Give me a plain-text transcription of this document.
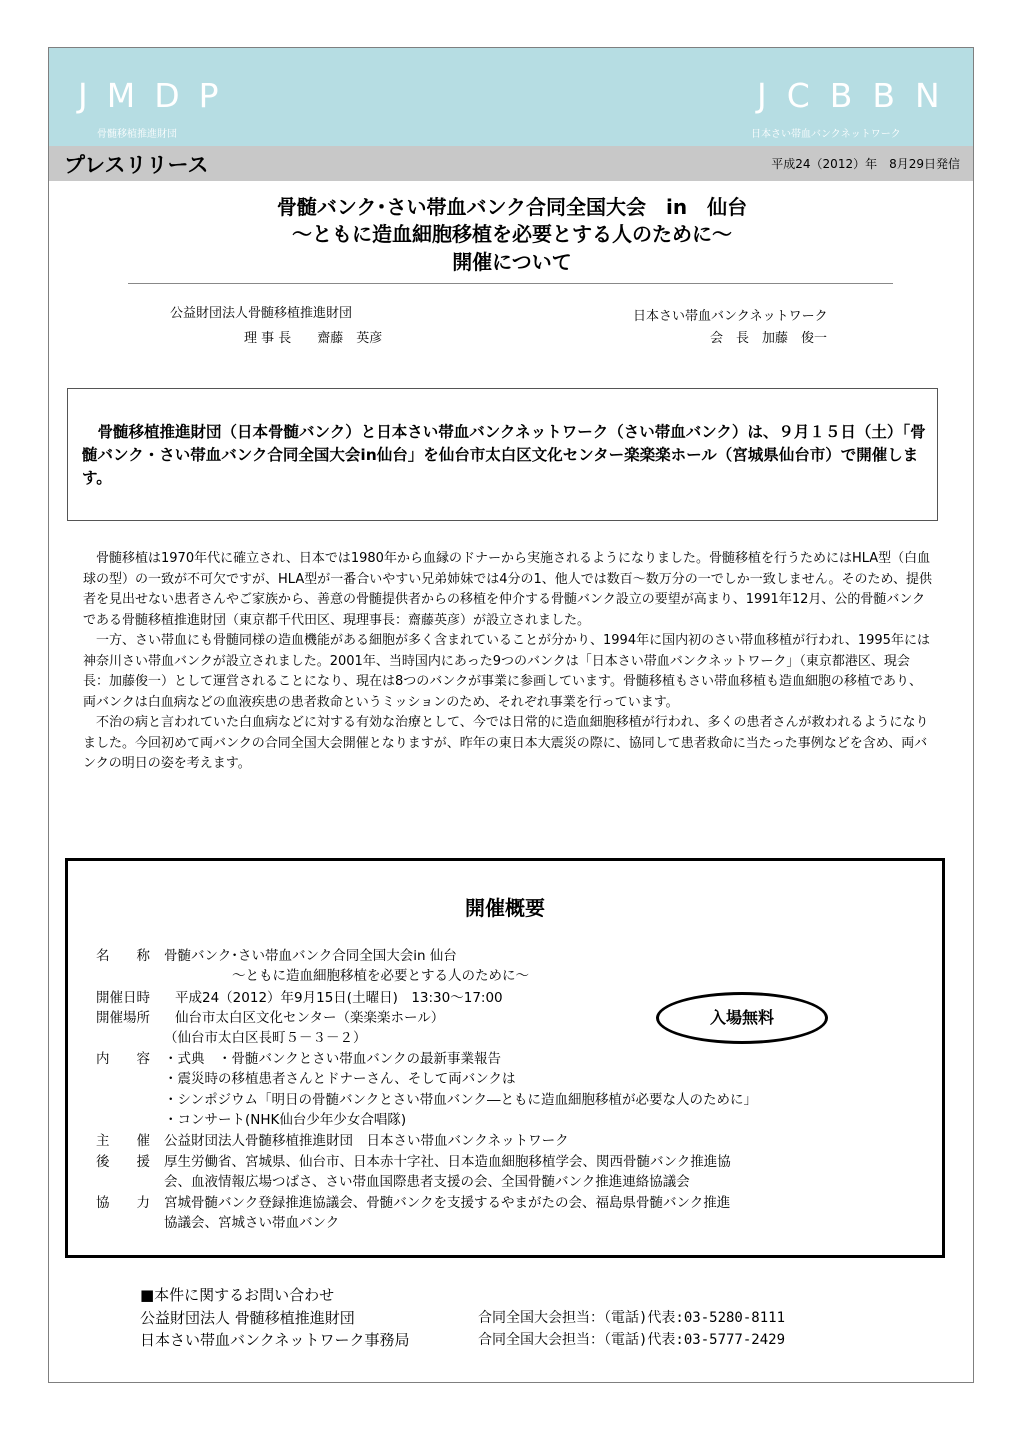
JMDP
骨髄移植推進財団
JCBBN
日本さい帯血バンクネットワーク
プレスリリース	平成24（2012）年　8月29日発信
骨髄バンク･さい帯血バンク合同全国大会　in　仙台
～ともに造血細胞移植を必要とする人のために～
開催について
公益財団法人骨髄移植推進財団
理 事 長　　齋藤　英彦
日本さい帯血バンクネットワーク
会　長　加藤　俊一

骨髄移植推進財団（日本骨髄バンク）と日本さい帯血バンクネットワーク（さい帯血バンク）は、９月１５日（土）「骨髄バンク・さい帯血バンク合同全国大会in仙台」を仙台市太白区文化センター楽楽楽ホール（宮城県仙台市）で開催します。

骨髄移植は1970年代に確立され、日本では1980年から血縁のドナーから実施されるようになりました。骨髄移植を行うためにはHLA型（白血球の型）の一致が不可欠ですが、HLA型が一番合いやすい兄弟姉妹では4分の1、他人では数百～数万分の一でしか一致しません。そのため、提供者を見出せない患者さんやご家族から、善意の骨髄提供者からの移植を仲介する骨髄バンク設立の要望が高まり、1991年12月、公的骨髄バンクである骨髄移植推進財団（東京都千代田区、現理事長：齋藤英彦）が設立されました。

一方、さい帯血にも骨髄同様の造血機能がある細胞が多く含まれていることが分かり、1994年に国内初のさい帯血移植が行われ、1995年には神奈川さい帯血バンクが設立されました。2001年、当時国内にあった9つのバンクは「日本さい帯血バンクネットワーク」（東京都港区、現会長：加藤俊一）として運営されることになり、現在は8つのバンクが事業に参画しています。骨髄移植もさい帯血移植も造血細胞の移植であり、両バンクは白血病などの血液疾患の患者救命というミッションのため、それぞれ事業を行っています。

不治の病と言われていた白血病などに対する有効な治療として、今では日常的に造血細胞移植が行われ、多くの患者さんが救われるようになりました。今回初めて両バンクの合同全国大会開催となりますが、昨年の東日本大震災の際に、協同して患者救命に当たった事例などを含め、両バンクの明日の姿を考えます。

開催概要
名　　称 骨髄バンク･さい帯血バンク合同全国大会in 仙台
～ともに造血細胞移植を必要とする人のために～
開催日時 平成24（2012）年9月15日(土曜日)　13:30～17:00
開催場所 仙台市太白区文化センター（楽楽楽ホール）
（仙台市太白区長町５－３－２）
内　　容 ・式典　・骨髄バンクとさい帯血バンクの最新事業報告
・震災時の移植患者さんとドナーさん、そして両バンクは
・シンポジウム「明日の骨髄バンクとさい帯血バンク―ともに造血細胞移植が必要な人のために」
・コンサート(NHK仙台少年少女合唱隊)
主　　催 公益財団法人骨髄移植推進財団　日本さい帯血バンクネットワーク
後　　援 厚生労働省、宮城県、仙台市、日本赤十字社、日本造血細胞移植学会、関西骨髄バンク推進協
会、血液情報広場つばさ、さい帯血国際患者支援の会、全国骨髄バンク推進連絡協議会
協　　力 宮城骨髄バンク登録推進協議会、骨髄バンクを支援するやまがたの会、福島県骨髄バンク推進
協議会、宮城さい帯血バンク
入場無料
■本件に関するお問い合わせ
公益財団法人 骨髄移植推進財団	合同全国大会担当：（電話)代表:03-5280-8111
日本さい帯血バンクネットワーク事務局	合同全国大会担当：（電話)代表:03-5777-2429
